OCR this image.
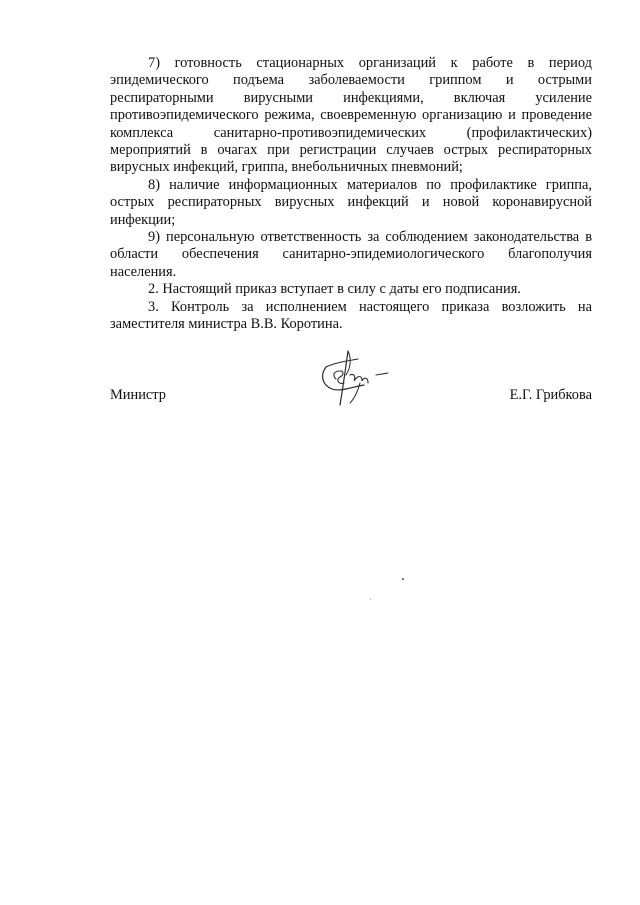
7) готовность стационарных организаций к работе в период эпидемического подъема заболеваемости гриппом и острыми респираторными вирусными инфекциями, включая усиление противоэпидемического режима, своевременную организацию и проведение комплекса санитарно-противоэпидемических (профилактических) мероприятий в очагах при регистрации случаев острых респираторных вирусных инфекций, гриппа, внебольничных пневмоний;

8) наличие информационных материалов по профилактике гриппа, острых респираторных вирусных инфекций и новой коронавирусной инфекции;

9) персональную ответственность за соблюдением законодательства в области обеспечения санитарно-эпидемиологического благополучия населения.

2. Настоящий приказ вступает в силу с даты его подписания.

3. Контроль за исполнением настоящего приказа возложить на заместителя министра В.В. Коротина.

Министр	Е.Г. Грибкова
